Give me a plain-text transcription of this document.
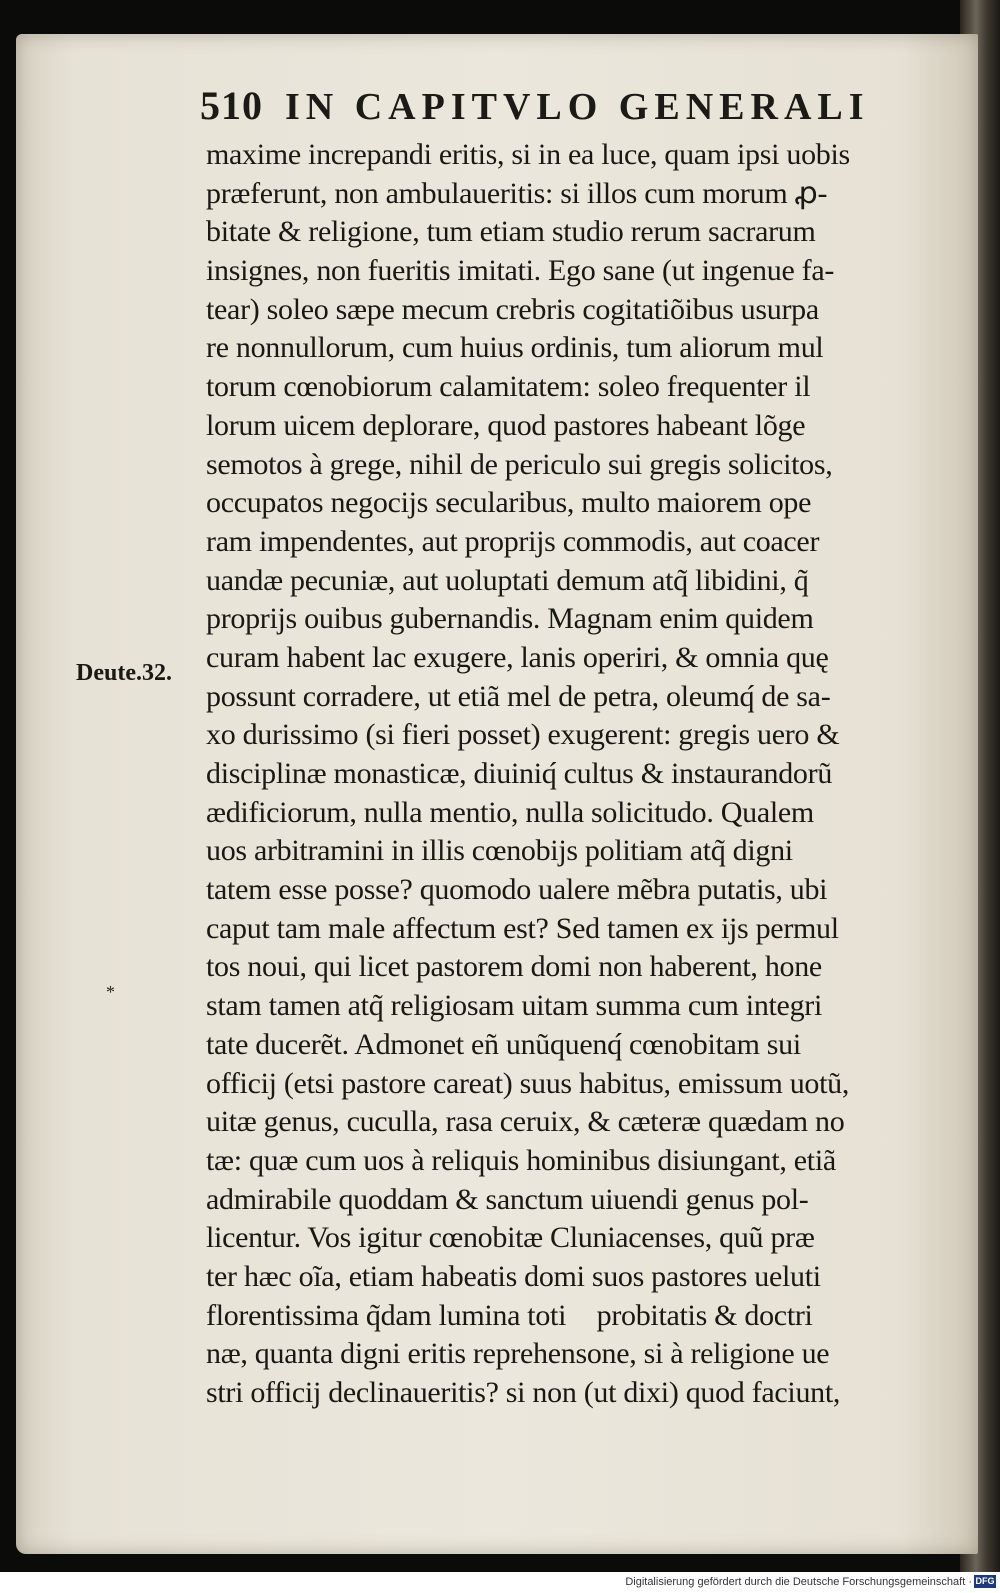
510 IN CAPITVLO GENERALI
Deute.32.
*
maxime increpandi eritis, si in ea luce, quam ipsi uobis
præferunt, non ambulaueritis: si illos cum morum ꝓ-
bitate & religione, tum etiam studio rerum sacrarum
insignes, non fueritis imitati. Ego sane (ut ingenue fa-
tear) soleo sæpe mecum crebris cogitatiõibus usurpa
re nonnullorum, cum huius ordinis, tum aliorum mul
torum cœnobiorum calamitatem: soleo frequenter il
lorum uicem deplorare, quod pastores habeant lõge
semotos à grege, nihil de periculo sui gregis solicitos,
occupatos negocijs secularibus, multo maiorem ope
ram impendentes, aut proprijs commodis, aut coacer
uandæ pecuniæ, aut uoluptati demum atq̃ libidini, q̃
proprijs ouibus gubernandis. Magnam enim quidem
curam habent lac exugere, lanis operiri, & omnia quę
possunt corradere, ut etiã mel de petra, oleumq́ de sa-
xo durissimo (si fieri posset) exugerent: gregis uero &
disciplinæ monasticæ, diuiniq́ cultus & instaurandorũ
ædificiorum, nulla mentio, nulla solicitudo. Qualem
uos arbitramini in illis cœnobijs politiam atq̃ digni
tatem esse posse? quomodo ualere mẽbra putatis, ubi
caput tam male affectum est? Sed tamen ex ijs permul
tos noui, qui licet pastorem domi non haberent, hone
stam tamen atq̃ religiosam uitam summa cum integri
tate ducerẽt. Admonet eñ unũquenq́ cœnobitam sui
officij (etsi pastore careat) suus habitus, emissum uotũ,
uitæ genus, cuculla, rasa ceruix, & cæteræ quædam no
tæ: quæ cum uos à reliquis hominibus disiungant, etiã
admirabile quoddam & sanctum uiuendi genus pol-
licentur. Vos igitur cœnobitæ Cluniacenses, quũ præ
ter hæc oĩa, etiam habeatis domi suos pastores ueluti
florentissima q̃dam lumina toti᷑ probitatis & doctri
næ, quanta digni eritis reprehensone, si à religione ue
stri officij declinaueritis? si non (ut dixi) quod faciunt,
Digitalisierung gefördert durch die Deutsche Forschungsgemeinschaft · DFG
